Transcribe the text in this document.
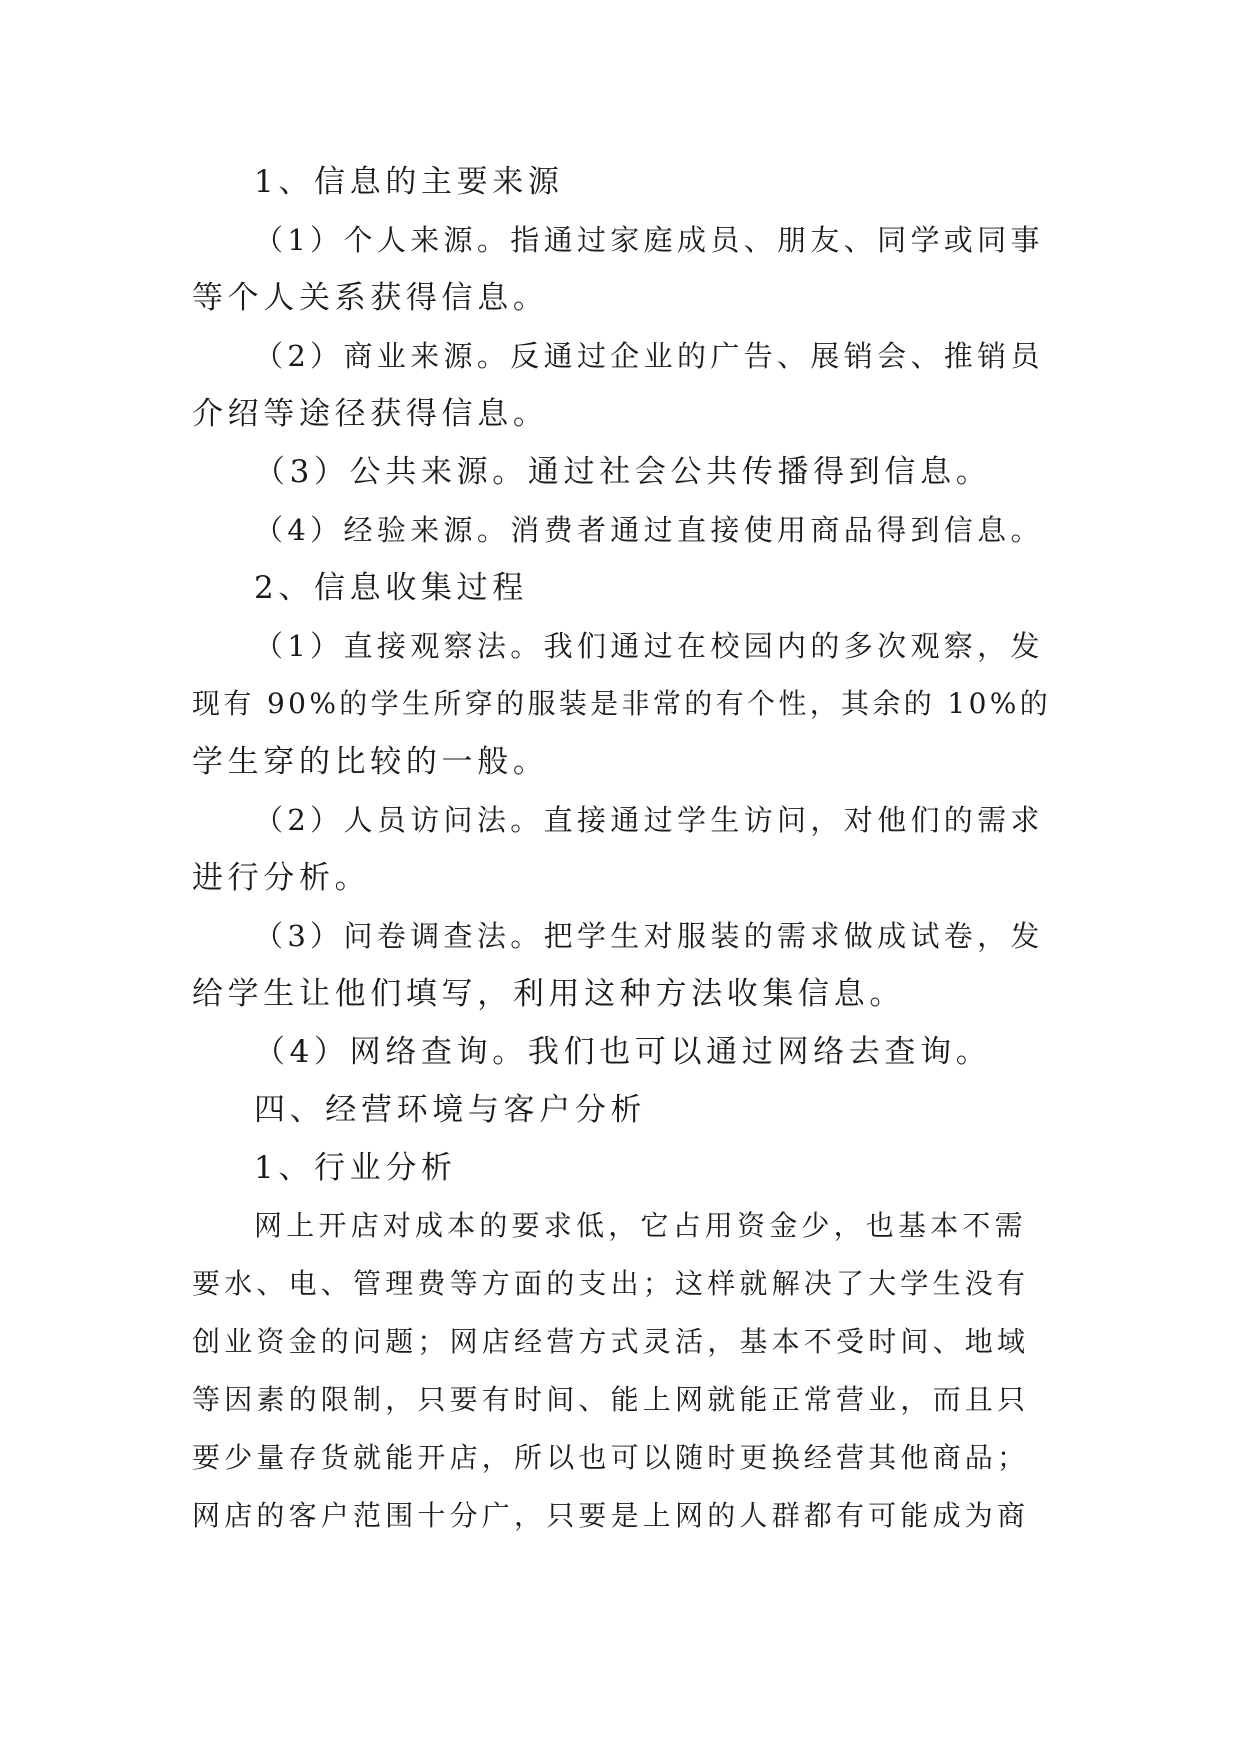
1、信息的主要来源
（1）个人来源。指通过家庭成员、朋友、同学或同事
等个人关系获得信息。
（2）商业来源。反通过企业的广告、展销会、推销员
介绍等途径获得信息。
（3）公共来源。通过社会公共传播得到信息。
（4）经验来源。消费者通过直接使用商品得到信息。
2、信息收集过程
（1）直接观察法。我们通过在校园内的多次观察，发
现有 90%的学生所穿的服装是非常的有个性，其余的 10%的
学生穿的比较的一般。
（2）人员访问法。直接通过学生访问，对他们的需求
进行分析。
（3）问卷调查法。把学生对服装的需求做成试卷，发
给学生让他们填写，利用这种方法收集信息。
（4）网络查询。我们也可以通过网络去查询。
四、经营环境与客户分析
1、行业分析
网上开店对成本的要求低，它占用资金少，也基本不需
要水、电、管理费等方面的支出；这样就解决了大学生没有
创业资金的问题；网店经营方式灵活，基本不受时间、地域
等因素的限制，只要有时间、能上网就能正常营业，而且只
要少量存货就能开店，所以也可以随时更换经营其他商品；
网店的客户范围十分广，只要是上网的人群都有可能成为商
